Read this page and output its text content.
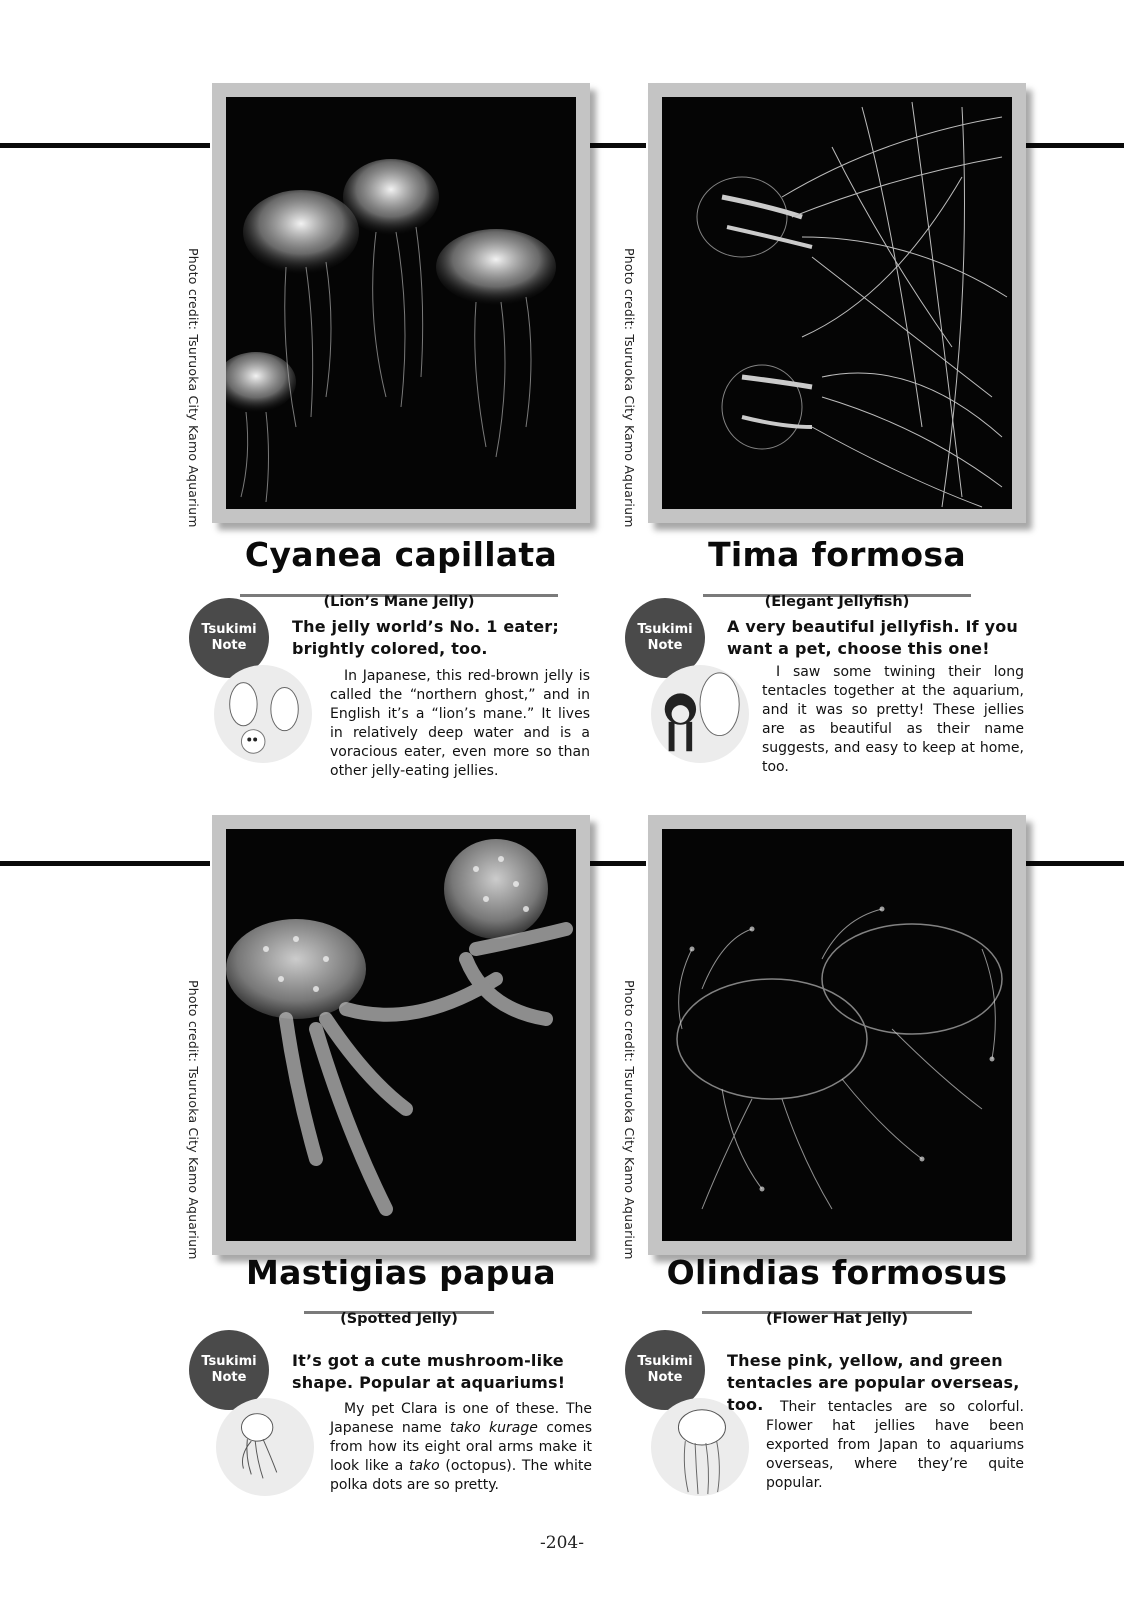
Photo credit: Tsuruoka City Kamo Aquarium
Cyanea capillata
(Lion’s Mane Jelly)
Tsukimi
Note
The jelly world’s No. 1 eater; brightly colored, too.
In Japanese, this red-brown jelly is called the “northern ghost,” and in English it’s a “lion’s mane.” It lives in relatively deep water and is a voracious eater, even more so than other jelly-eating jellies.
Photo credit: Tsuruoka City Kamo Aquarium
Tima formosa
(Elegant Jellyfish)
Tsukimi
Note
A very beautiful jellyfish. If you want a pet, choose this one!
I saw some twining their long tentacles together at the aquarium, and it was so pretty! These jellies are as beautiful as their name suggests, and easy to keep at home, too.
Photo credit: Tsuruoka City Kamo Aquarium
Mastigias papua
(Spotted Jelly)
Tsukimi
Note
It’s got a cute mushroom-like shape. Popular at aquariums!
My pet Clara is one of these. The Japanese name tako kurage comes from how its eight oral arms make it look like a tako (octopus). The white polka dots are so pretty.
Photo credit: Tsuruoka City Kamo Aquarium
Olindias formosus
(Flower Hat Jelly)
Tsukimi
Note
These pink, yellow, and green tentacles are popular overseas, too.	Their tentacles are so colorful. Flower hat jellies have been exported from Japan to aquariums overseas, where they’re quite popular.
-204-
